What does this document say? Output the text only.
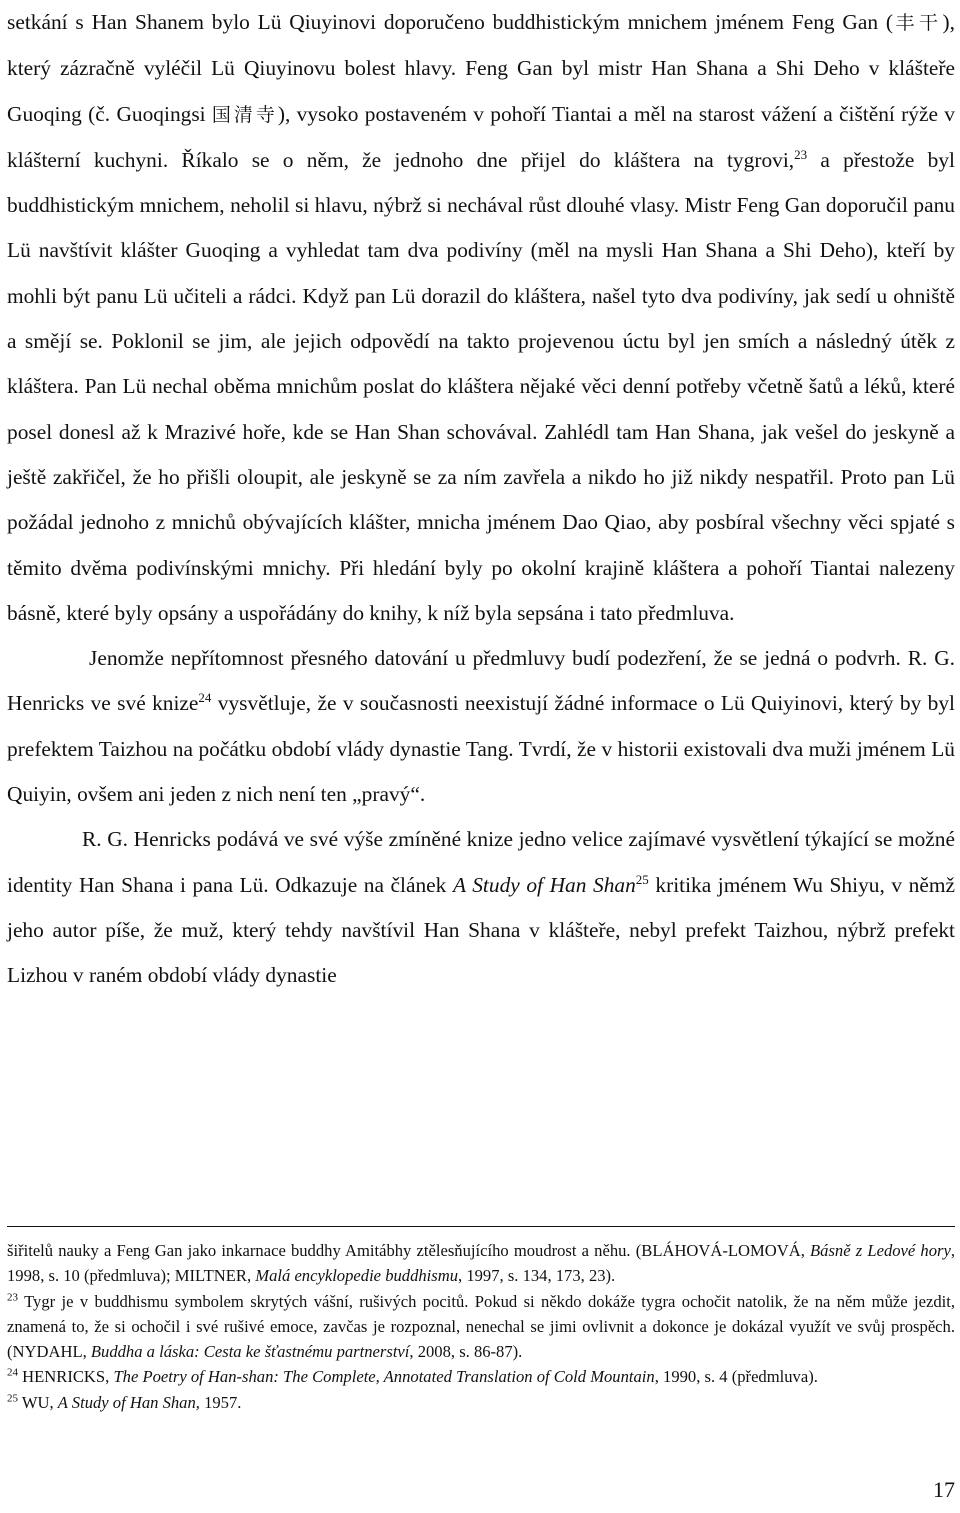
setkání s Han Shanem bylo Lü Qiuyinovi doporučeno buddhistickým mnichem jménem Feng Gan (丰干), který zázračně vyléčil Lü Qiuyinovu bolest hlavy. Feng Gan byl mistr Han Shana a Shi Deho v klášteře Guoqing (č. Guoqingsi 国清寺), vysoko postaveném v pohoří Tiantai a měl na starost vážení a čištění rýže v klášterní kuchyni. Říkalo se o něm, že jednoho dne přijel do kláštera na tygrovi,$^{23}$ a přestože byl buddhistickým mnichem, neholil si hlavu, nýbrž si nechával růst dlouhé vlasy. Mistr Feng Gan doporučil panu Lü navštívit klášter Guoqing a vyhledat tam dva podivíny (měl na mysli Han Shana a Shi Deho), kteří by mohli být panu Lü učiteli a rádci. Když pan Lü dorazil do kláštera, našel tyto dva podivíny, jak sedí u ohniště a smějí se. Poklonil se jim, ale jejich odpovědí na takto projevenou úctu byl jen smích a následný útěk z kláštera. Pan Lü nechal oběma mnichům poslat do kláštera nějaké věci denní potřeby včetně šatů a léků, které posel donesl až k Mrazivé hoře, kde se Han Shan schovával. Zahlédl tam Han Shana, jak vešel do jeskyně a ještě zakřičel, že ho přišli oloupit, ale jeskyně se za ním zavřela a nikdo ho již nikdy nespatřil. Proto pan Lü požádal jednoho z mnichů obývajících klášter, mnicha jménem Dao Qiao, aby posbíral všechny věci spjaté s těmito dvěma podivínskými mnichy. Při hledání byly po okolní krajině kláštera a pohoří Tiantai nalezeny básně, které byly opsány a uspořádány do knihy, k níž byla sepsána i tato předmluva.

Jenomže nepřítomnost přesného datování u předmluvy budí podezření, že se jedná o podvrh. R. G. Henricks ve své knize$^{24}$ vysvětluje, že v současnosti neexistují žádné informace o Lü Quiyinovi, který by byl prefektem Taizhou na počátku období vlády dynastie Tang. Tvrdí, že v historii existovali dva muži jménem Lü Quiyin, ovšem ani jeden z nich není ten „pravý“.

R. G. Henricks podává ve své výše zmíněné knize jedno velice zajímavé vysvětlení týkající se možné identity Han Shana i pana Lü. Odkazuje na článek A Study of Han Shan$^{25}$ kritika jménem Wu Shiyu, v němž jeho autor píše, že muž, který tehdy navštívil Han Shana v klášteře, nebyl prefekt Taizhou, nýbrž prefekt Lizhou v raném období vlády dynastie

šiřitelů nauky a Feng Gan jako inkarnace buddhy Amitábhy ztělesňujícího moudrost a něhu. (BLÁHOVÁ-LOMOVÁ, Básně z Ledové hory, 1998, s. 10 (předmluva); MILTNER, Malá encyklopedie buddhismu, 1997, s. 134, 173, 23).

$^{23}$ Tygr je v buddhismu symbolem skrytých vášní, rušivých pocitů. Pokud si někdo dokáže tygra ochočit natolik, že na něm může jezdit, znamená to, že si ochočil i své rušivé emoce, zavčas je rozpoznal, nenechal se jimi ovlivnit a dokonce je dokázal využít ve svůj prospěch. (NYDAHL, Buddha a láska: Cesta ke šťastnému partnerství, 2008, s. 86-87).

$^{24}$ HENRICKS, The Poetry of Han-shan: The Complete, Annotated Translation of Cold Mountain, 1990, s. 4 (předmluva).

$^{25}$ WU, A Study of Han Shan, 1957.

17
